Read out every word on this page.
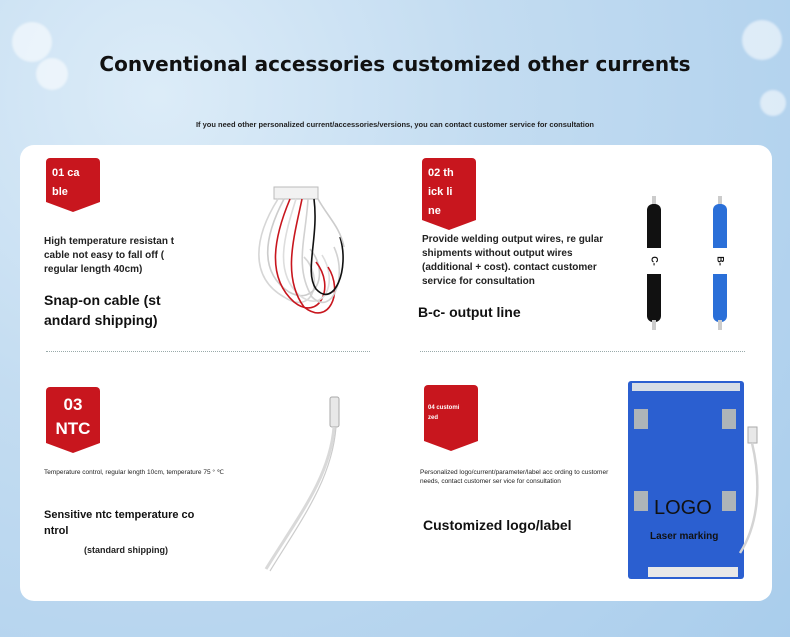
Conventional accessories customized other currents
If you need other personalized current/accessories/versions, you can contact customer service for consultation
01 ca
ble
High temperature resistan t cable not easy to fall off ( regular length 40cm)
Snap-on cable (st andard shipping)
02 th
ick li
ne
Provide welding output wires, re gular shipments without output wires (additional + cost). contact customer service for consultation
B-c- output line
C-	B-
03
NTC
Temperature control, regular length 10cm, temperature 75 ° ℃
Sensitive ntc temperature co ntrol
(standard shipping)
04 customi
zed
Personalized logo/current/parameter/label acc ording to customer needs, contact customer ser vice for consultation
Customized logo/label
LOGO
Laser marking
